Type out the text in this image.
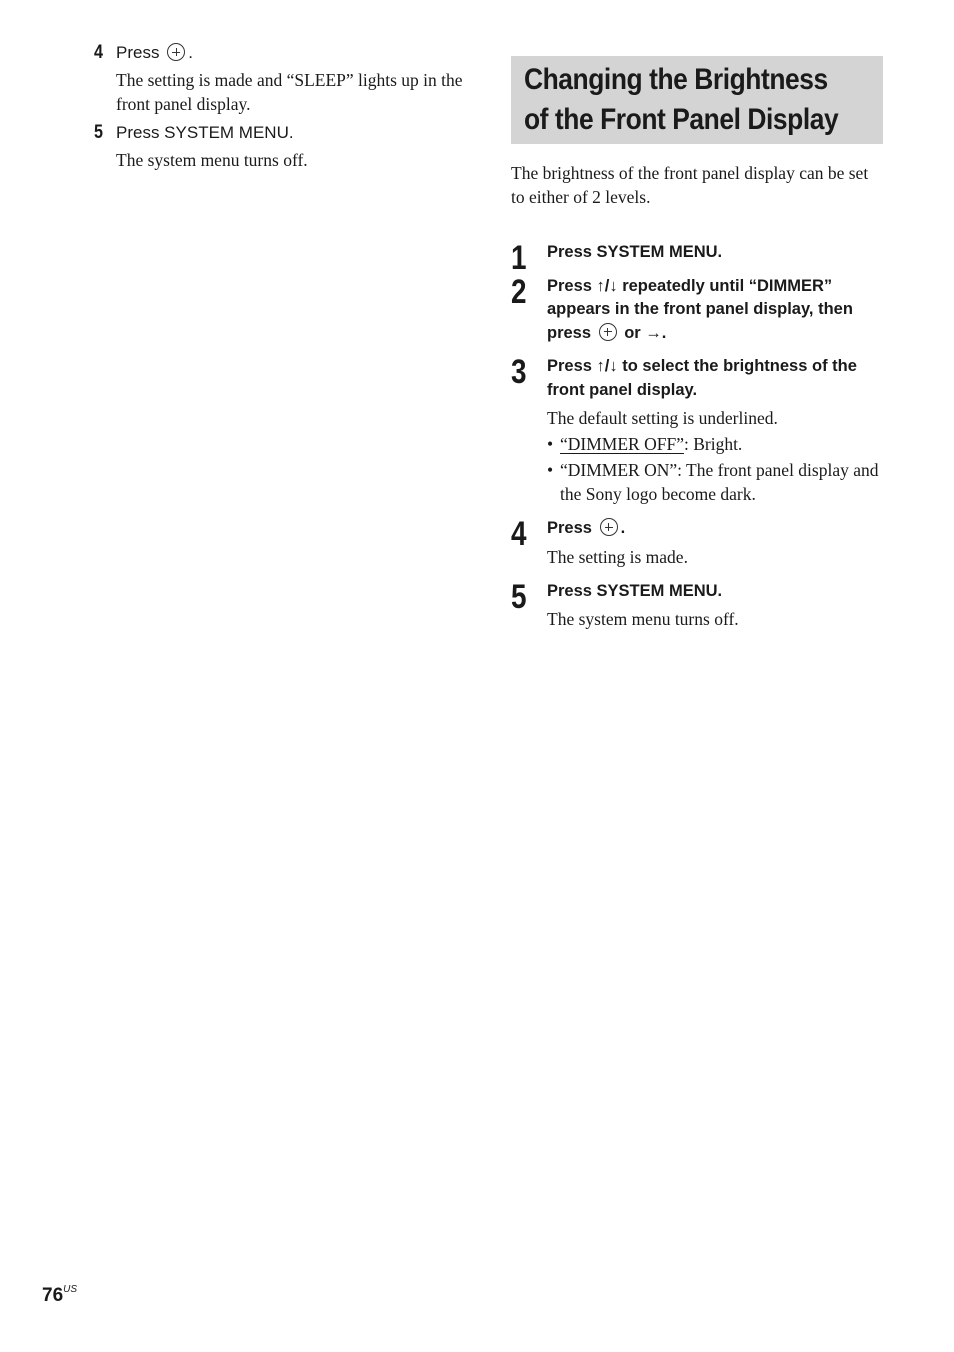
4 Press .
The setting is made and “SLEEP” lights up in the front panel display.
5 Press SYSTEM MENU.
The system menu turns off.
Changing the Brightness
of the Front Panel Display
The brightness of the front panel display can be set to either of 2 levels.
1 Press SYSTEM MENU.
2 Press ↑/↓ repeatedly until “DIMMER” appears in the front panel display, then press or →.
3 Press ↑/↓ to select the brightness of the front panel display.
The default setting is underlined.
• “DIMMER OFF”: Bright.
• “DIMMER ON”: The front panel display and the Sony logo become dark.
4 Press .
The setting is made.
5 Press SYSTEM MENU.
The system menu turns off.
$76^{US}$
